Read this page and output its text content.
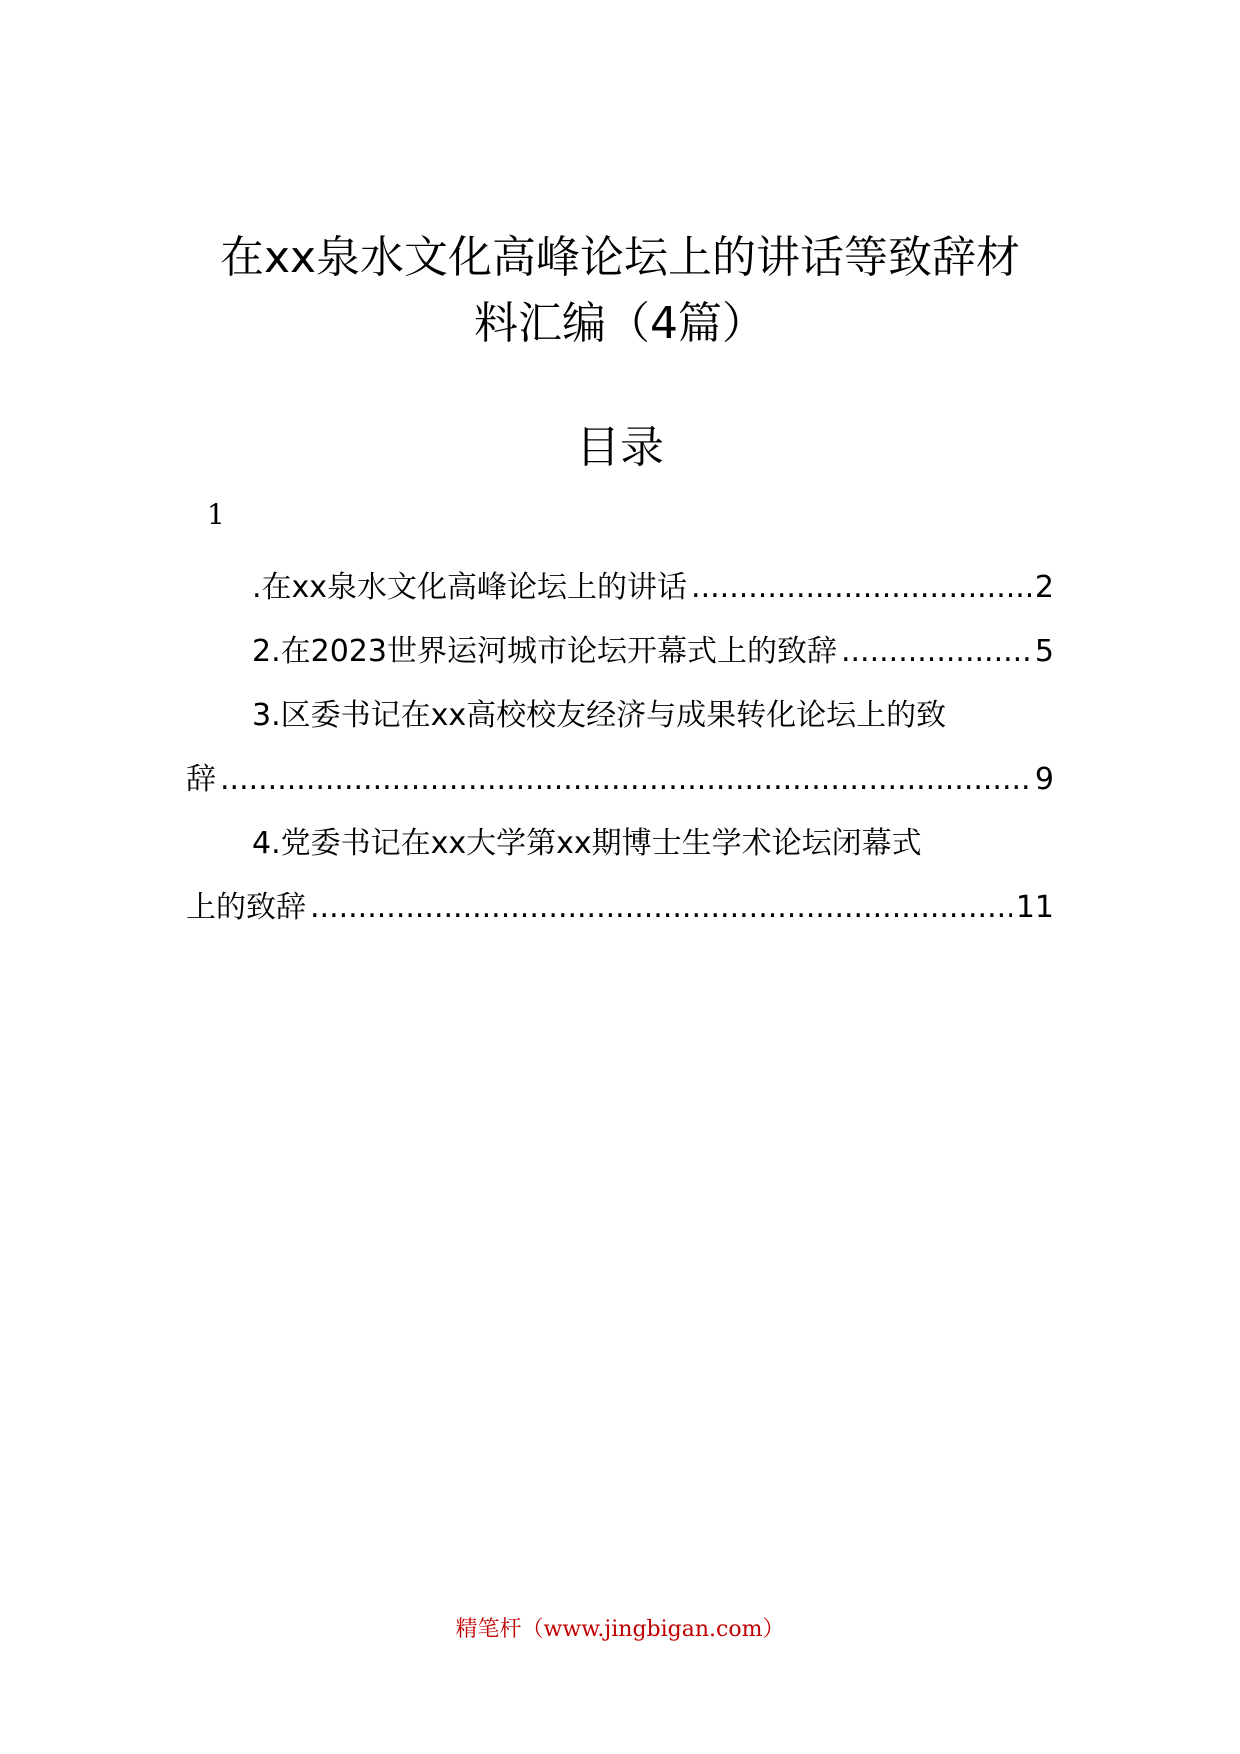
在xx泉水文化高峰论坛上的讲话等致辞材
料汇编（4篇）
目录
1
.在xx泉水文化高峰论坛上的讲话 .....	2
2.在2023世界运河城市论坛开幕式上的致辞 .....	5
3.区委书记在xx高校校友经济与成果转化论坛上的致
辞 .....	9
4.党委书记在xx大学第xx期博士生学术论坛闭幕式
上的致辞 .....	11
精笔杆（www.jingbigan.com）
